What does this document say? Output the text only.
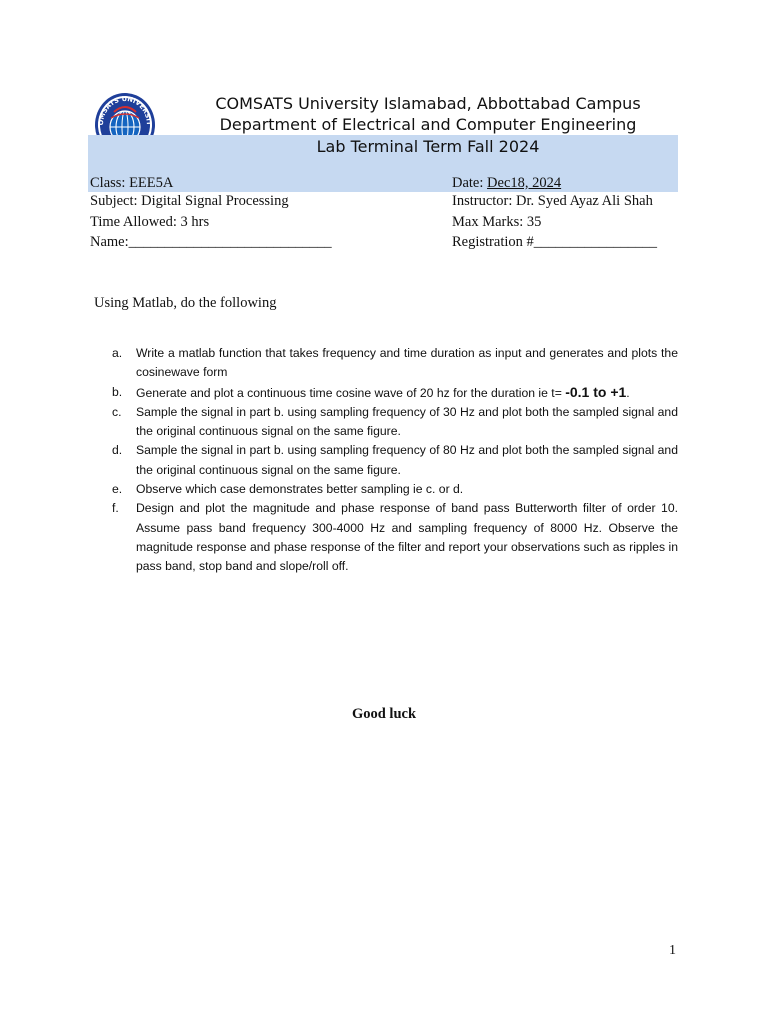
OMSATS UNIVERSIT
COMSATS University Islamabad, Abbottabad Campus
Department of Electrical and Computer Engineering
Lab Terminal Term Fall 2024
Class: EEE5A	Date: Dec18, 2024
Subject: Digital Signal Processing	Instructor: Dr. Syed Ayaz Ali Shah
Time Allowed: 3 hrs	Max Marks: 35
Name:____________________________	Registration #_________________
Using Matlab, do the following
a.	Write a matlab function that takes frequency and time duration as input and generates and plots the cosinewave form
b.	Generate and plot a continuous time cosine wave of 20 hz for the duration ie t= -0.1 to +1.
c.	Sample the signal in part b. using sampling frequency of 30 Hz and plot both the sampled signal and the original continuous signal on the same figure.
d.	Sample the signal in part b. using sampling frequency of 80 Hz and plot both the sampled signal and the original continuous signal on the same figure.
e.	Observe which case demonstrates better sampling ie c. or d.
f.	Design and plot the magnitude and phase response of band pass Butterworth filter of order 10. Assume pass band frequency 300-4000 Hz and sampling frequency of 8000 Hz. Observe the magnitude response and phase response of the filter and report your observations such as ripples in pass band, stop band and slope/roll off.
Good luck
1
